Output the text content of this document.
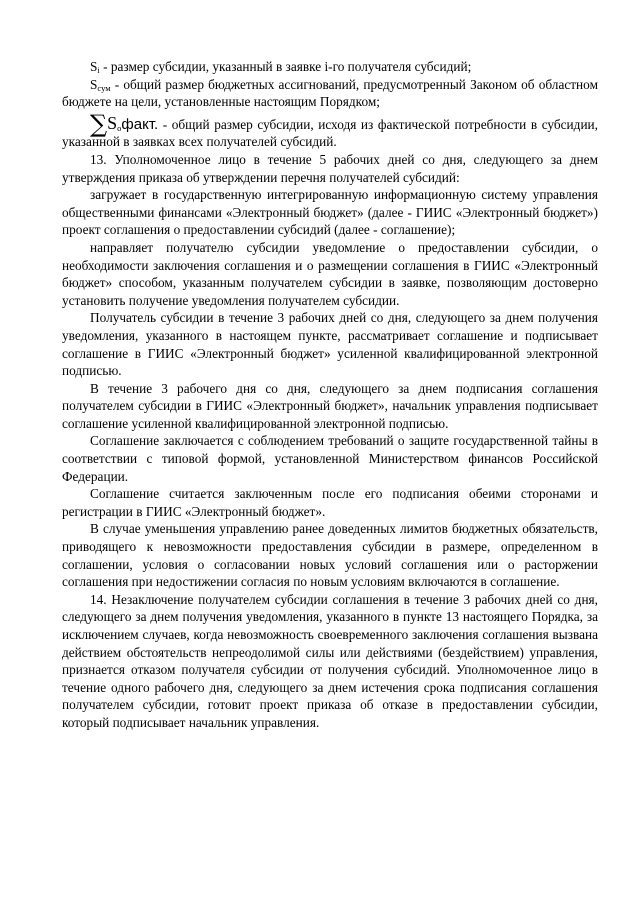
$S_i$ - размер субсидии, указанный в заявке i-го получателя субсидий;

$S_{сум}$ - общий размер бюджетных ассигнований, предусмотренный Законом об областном бюджете на цели, установленные настоящим Порядком;

$\sum S_офакт$. - общий размер субсидии, исходя из фактической потребности в субсидии, указанной в заявках всех получателей субсидий.

13. Уполномоченное лицо в течение 5 рабочих дней со дня, следующего за днем утверждения приказа об утверждении перечня получателей субсидий:

загружает в государственную интегрированную информационную систему управления общественными финансами «Электронный бюджет» (далее - ГИИС «Электронный бюджет») проект соглашения о предоставлении субсидий (далее - соглашение);

направляет получателю субсидии уведомление о предоставлении субсидии, о необходимости заключения соглашения и о размещении соглашения в ГИИС «Электронный бюджет» способом, указанным получателем субсидии в заявке, позволяющим достоверно установить получение уведомления получателем субсидии.

Получатель субсидии в течение 3 рабочих дней со дня, следующего за днем получения уведомления, указанного в настоящем пункте, рассматривает соглашение и подписывает соглашение в ГИИС «Электронный бюджет» усиленной квалифицированной электронной подписью.

В течение 3 рабочего дня со дня, следующего за днем подписания соглашения получателем субсидии в ГИИС «Электронный бюджет», начальник управления подписывает соглашение усиленной квалифицированной электронной подписью.

Соглашение заключается с соблюдением требований о защите государственной тайны в соответствии с типовой формой, установленной Министерством финансов Российской Федерации.

Соглашение считается заключенным после его подписания обеими сторонами и регистрации в ГИИС «Электронный бюджет».

В случае уменьшения управлению ранее доведенных лимитов бюджетных обязательств, приводящего к невозможности предоставления субсидии в размере, определенном в соглашении, условия о согласовании новых условий соглашения или о расторжении соглашения при недостижении согласия по новым условиям включаются в соглашение.

14. Незаключение получателем субсидии соглашения в течение 3 рабочих дней со дня, следующего за днем получения уведомления, указанного в пункте 13 настоящего Порядка, за исключением случаев, когда невозможность своевременного заключения соглашения вызвана действием обстоятельств непреодолимой силы или действиями (бездействием) управления, признается отказом получателя субсидии от получения субсидий. Уполномоченное лицо в течение одного рабочего дня, следующего за днем истечения срока подписания соглашения получателем субсидии, готовит проект приказа об отказе в предоставлении субсидии, который подписывает начальник управления.
